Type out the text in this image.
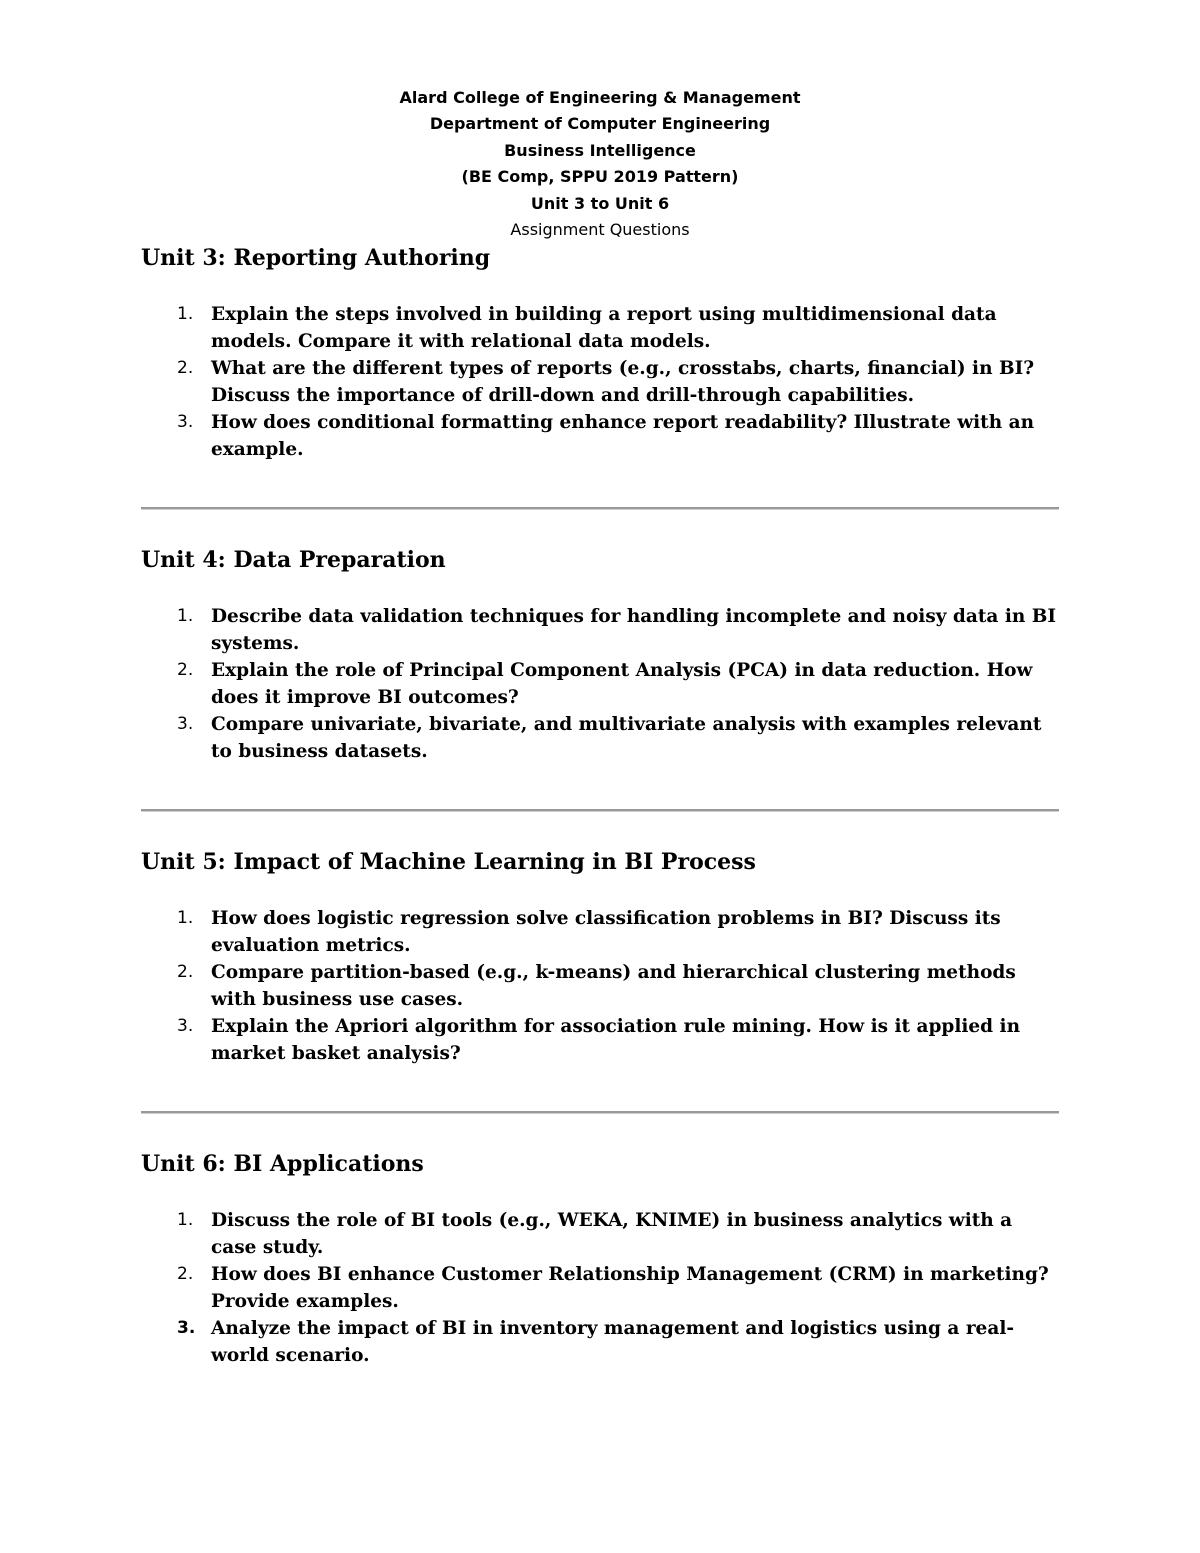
Alard College of Engineering & Management
Department of Computer Engineering
Business Intelligence
(BE Comp, SPPU 2019 Pattern)
Unit 3 to Unit 6
Assignment Questions
Unit 3: Reporting Authoring
1. Explain the steps involved in building a report using multidimensional data models. Compare it with relational data models.
2. What are the different types of reports (e.g., crosstabs, charts, financial) in BI? Discuss the importance of drill-down and drill-through capabilities.
3. How does conditional formatting enhance report readability? Illustrate with an example.
Unit 4: Data Preparation
1. Describe data validation techniques for handling incomplete and noisy data in BI systems.
2. Explain the role of Principal Component Analysis (PCA) in data reduction. How does it improve BI outcomes?
3. Compare univariate, bivariate, and multivariate analysis with examples relevant to business datasets.
Unit 5: Impact of Machine Learning in BI Process
1. How does logistic regression solve classification problems in BI? Discuss its evaluation metrics.
2. Compare partition-based (e.g., k-means) and hierarchical clustering methods with business use cases.
3. Explain the Apriori algorithm for association rule mining. How is it applied in market basket analysis?
Unit 6: BI Applications
1. Discuss the role of BI tools (e.g., WEKA, KNIME) in business analytics with a case study.
2. How does BI enhance Customer Relationship Management (CRM) in marketing? Provide examples.
3. Analyze the impact of BI in inventory management and logistics using a real-world scenario.
